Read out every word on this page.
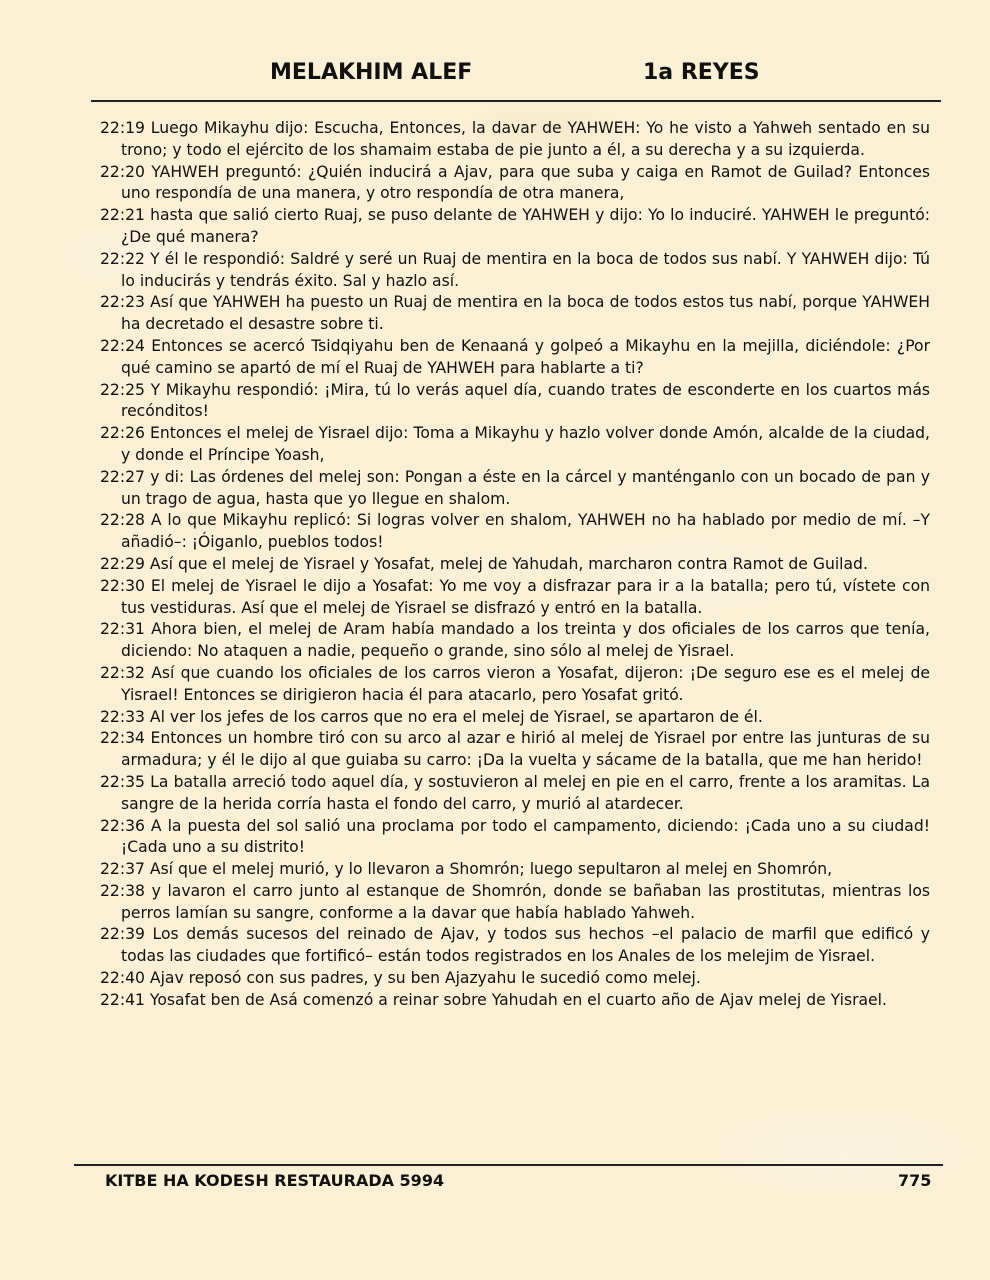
MELAKHIM ALEF	1a REYES

22:19 Luego Mikayhu dijo: Escucha, Entonces, la davar de YAHWEH: Yo he visto a Yahweh sentado en su trono; y todo el ejército de los shamaim estaba de pie junto a él, a su derecha y a su izquierda.

22:20 YAHWEH preguntó: ¿Quién inducirá a Ajav, para que suba y caiga en Ramot de Guilad? Entonces uno respondía de una manera, y otro respondía de otra manera,

22:21 hasta que salió cierto Ruaj, se puso delante de YAHWEH y dijo: Yo lo induciré. YAHWEH le preguntó: ¿De qué manera?

22:22 Y él le respondió: Saldré y seré un Ruaj de mentira en la boca de todos sus nabí. Y YAHWEH dijo: Tú lo inducirás y tendrás éxito. Sal y hazlo así.

22:23 Así que YAHWEH ha puesto un Ruaj de mentira en la boca de todos estos tus nabí, porque YAHWEH ha decretado el desastre sobre ti.

22:24 Entonces se acercó Tsidqiyahu ben de Kenaaná y golpeó a Mikayhu en la mejilla, diciéndole: ¿Por qué camino se apartó de mí el Ruaj de YAHWEH para hablarte a ti?

22:25 Y Mikayhu respondió: ¡Mira, tú lo verás aquel día, cuando trates de esconderte en los cuartos más recónditos!

22:26 Entonces el melej de Yisrael dijo: Toma a Mikayhu y hazlo volver donde Amón, alcalde de la ciudad, y donde el Príncipe Yoash,

22:27 y di: Las órdenes del melej son: Pongan a éste en la cárcel y manténganlo con un bocado de pan y un trago de agua, hasta que yo llegue en shalom.

22:28 A lo que Mikayhu replicó: Si logras volver en shalom, YAHWEH no ha hablado por medio de mí. –Y añadió–: ¡Óiganlo, pueblos todos!

22:29 Así que el melej de Yisrael y Yosafat, melej de Yahudah, marcharon contra Ramot de Guilad.

22:30 El melej de Yisrael le dijo a Yosafat: Yo me voy a disfrazar para ir a la batalla; pero tú, vístete con tus vestiduras. Así que el melej de Yisrael se disfrazó y entró en la batalla.

22:31 Ahora bien, el melej de Aram había mandado a los treinta y dos oficiales de los carros que tenía, diciendo: No ataquen a nadie, pequeño o grande, sino sólo al melej de Yisrael.

22:32 Así que cuando los oficiales de los carros vieron a Yosafat, dijeron: ¡De seguro ese es el melej de Yisrael! Entonces se dirigieron hacia él para atacarlo, pero Yosafat gritó.

22:33 Al ver los jefes de los carros que no era el melej de Yisrael, se apartaron de él.

22:34 Entonces un hombre tiró con su arco al azar e hirió al melej de Yisrael por entre las junturas de su armadura; y él le dijo al que guiaba su carro: ¡Da la vuelta y sácame de la batalla, que me han herido!

22:35 La batalla arreció todo aquel día, y sostuvieron al melej en pie en el carro, frente a los aramitas. La sangre de la herida corría hasta el fondo del carro, y murió al atardecer.

22:36 A la puesta del sol salió una proclama por todo el campamento, diciendo: ¡Cada uno a su ciudad! ¡Cada uno a su distrito!

22:37 Así que el melej murió, y lo llevaron a Shomrón; luego sepultaron al melej en Shomrón,

22:38 y lavaron el carro junto al estanque de Shomrón, donde se bañaban las prostitutas, mientras los perros lamían su sangre, conforme a la davar que había hablado Yahweh.

22:39 Los demás sucesos del reinado de Ajav, y todos sus hechos –el palacio de marfil que edificó y todas las ciudades que fortificó– están todos registrados en los Anales de los melejim de Yisrael.

22:40 Ajav reposó con sus padres, y su ben Ajazyahu le sucedió como melej.

22:41 Yosafat ben de Asá comenzó a reinar sobre Yahudah en el cuarto año de Ajav melej de Yisrael.

KITBE HA KODESH RESTAURADA 5994	775
